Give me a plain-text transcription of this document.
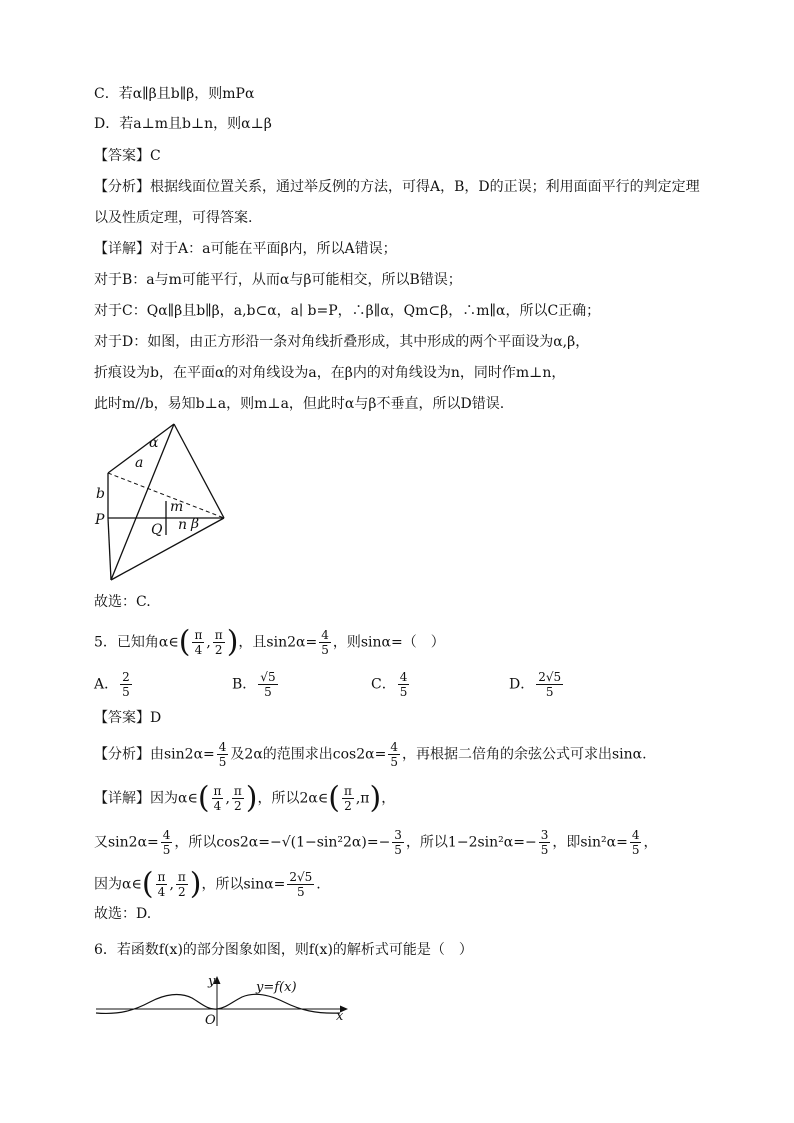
C．若α∥β且b∥β，则mPα
D．若a⊥m且b⊥n，则α⊥β
【答案】C
【分析】根据线面位置关系，通过举反例的方法，可得A，B，D的正误；利用面面平行的判定定理
以及性质定理，可得答案.
【详解】对于A：a可能在平面β内，所以A错误；
对于B：a与m可能平行，从而α与β可能相交，所以B错误；
对于C：Qα∥β且b∥β，a,b⊂α，a∣ b=P，∴β∥α，Qm⊂β，∴m∥α，所以C正确；
对于D：如图，由正方形沿一条对角线折叠形成，其中形成的两个平面设为α,β，
折痕设为b，在平面α的对角线设为a，在β内的对角线设为n，同时作m⊥n，
此时m//b，易知b⊥a，则m⊥a，但此时α与β不垂直，所以D错误.
α
a
b
P
m
Q n β
故选：C.
5．已知角α∈( $\frac{\pi}{4}$ , $\frac{\pi}{2}$ )，且$\sin 2\alpha= \frac{4}{5}$ ，则sinα=（　）
A． $\frac{2}{5}$	B． $\frac{√5}{5}$	C． $\frac{4}{5}$	D． $\frac{2√5}{5}$
【答案】D
【分析】由$\sin 2\alpha= \frac{4}{5}$ 及2α的范围求出$\cos 2\alpha= \frac{4}{5}$ ，再根据二倍角的余弦公式可求出sinα.
【详解】因为α∈( $\frac{\pi}{4}$ , $\frac{\pi}{2}$ )，所以2α∈( $\frac{\pi}{2} ,\pi$)，
又$\sin 2\alpha= \frac{4}{5}$ ，所以$\cos 2\alpha=-√(1-\sin^22\alpha)=- \frac{3}{5}$ ，所以$1-2\sin^2\alpha=- \frac{3}{5}$ ，即$\sin^2\alpha= \frac{4}{5}$ ，
因为α∈( $\frac{\pi}{4}$ , $\frac{\pi}{2}$ )，所以$\sin\alpha= \frac{2√5}{5}$ .
故选：D.
6．若函数f(x)的部分图象如图，则f(x)的解析式可能是（　）
y	y=f(x)
O	x
